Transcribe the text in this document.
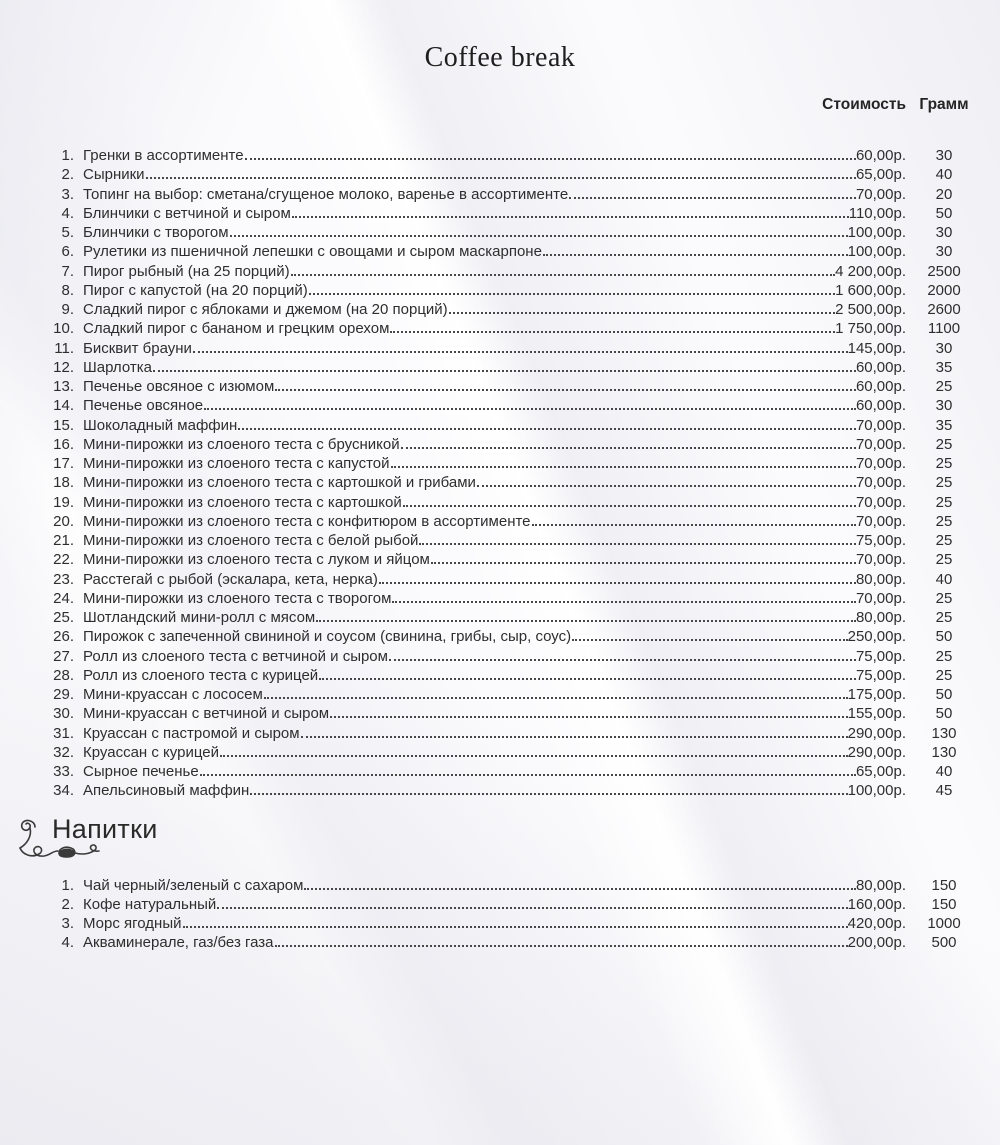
Coffee break
Стоимость Грамм
1. Гренки в ассортименте	60,00р.	30
2. Сырники	65,00р.	40
3. Топинг на выбор: сметана/сгущеное молоко, варенье в ассортименте	70,00р.	20
4. Блинчики с ветчиной и сыром	110,00р.	50
5. Блинчики с творогом	100,00р.	30
6. Рулетики из пшеничной лепешки с овощами и сыром маскарпоне	100,00р.	30
7. Пирог рыбный (на 25 порций)	4 200,00р.	2500
8. Пирог с капустой (на 20 порций)	1 600,00р.	2000
9. Сладкий пирог с яблоками и джемом (на 20 порций)	2 500,00р.	2600
10. Сладкий пирог с бананом и грецким орехом	1 750,00р.	1100
11. Бисквит брауни	145,00р.	30
12. Шарлотка	60,00р.	35
13. Печенье овсяное с изюмом	60,00р.	25
14. Печенье овсяное	60,00р.	30
15. Шоколадный маффин	70,00р.	35
16. Мини-пирожки из слоеного теста с брусникой	70,00р.	25
17. Мини-пирожки из слоеного теста с капустой	70,00р.	25
18. Мини-пирожки из слоеного теста с картошкой и грибами	70,00р.	25
19. Мини-пирожки из слоеного теста с картошкой	70,00р.	25
20. Мини-пирожки из слоеного теста с конфитюром в ассортименте	70,00р.	25
21. Мини-пирожки из слоеного теста с белой рыбой	75,00р.	25
22. Мини-пирожки из слоеного теста с луком и яйцом	70,00р.	25
23. Расстегай с рыбой (эскалара, кета, нерка)	80,00р.	40
24. Мини-пирожки из слоеного теста с творогом	70,00р.	25
25. Шотландский мини-ролл с мясом	80,00р.	25
26. Пирожок с запеченной свининой и соусом (свинина, грибы, сыр, соус)	250,00р.	50
27. Ролл из слоеного теста с ветчиной и сыром	75,00р.	25
28. Ролл из слоеного теста с курицей	75,00р.	25
29. Мини-круассан с лососем	175,00р.	50
30. Мини-круассан с ветчиной и сыром	155,00р.	50
31. Круассан с пастромой и сыром	290,00р.	130
32. Круассан с курицей	290,00р.	130
33. Сырное печенье	65,00р.	40
34. Апельсиновый маффин	100,00р.	45
Напитки
1. Чай черный/зеленый с сахаром	80,00р.	150
2. Кофе натуральный	160,00р.	150
3. Морс ягодный	420,00р.	1000
4. Акваминерале, газ/без газа	200,00р.	500
